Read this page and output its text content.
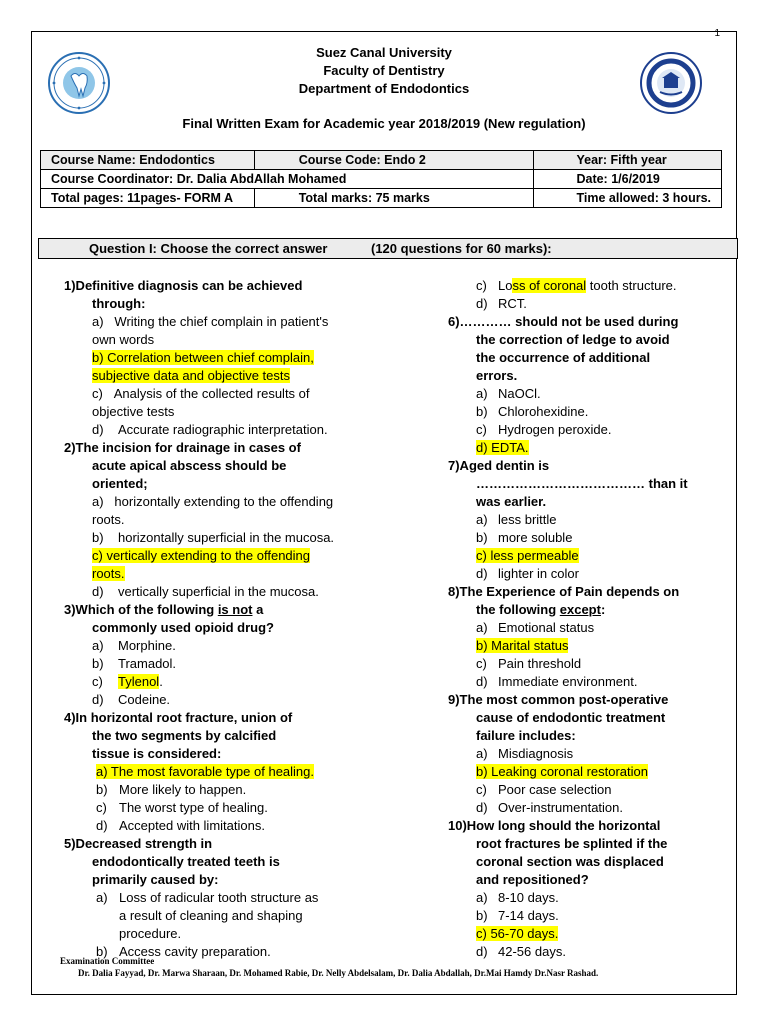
1
Suez Canal University
Faculty of Dentistry
Department of Endodontics
Final Written Exam for Academic year 2018/2019 (New regulation)
Course Name: Endodontics	Course Code: Endo 2	Year: Fifth year
Course Coordinator: Dr. Dalia AbdAllah Mohamed		Date: 1/6/2019
Total pages: 11pages- FORM A	Total marks: 75 marks	Time allowed: 3 hours.
Question I: Choose the correct answer	(120 questions for 60 marks):
1)Definitive diagnosis can be achieved
through:
a) Writing the chief complain in patient's
own words
b) Correlation between chief complain,
subjective data and objective tests
c) Analysis of the collected results of
objective tests
d)	Accurate radiographic interpretation.
2)The incision for drainage in cases of
acute apical abscess should be
oriented;
a) horizontally extending to the offending
roots.
b)	horizontally superficial in the mucosa.
c) vertically extending to the offending
roots.
d)	vertically superficial in the mucosa.
3)Which of the following is not a
commonly used opioid drug?
a)	Morphine.
b)	Tramadol.
c)	Tylenol.
d)	Codeine.
4)In horizontal root fracture, union of
the two segments by calcified
tissue is considered:
a) The most favorable type of healing.
b) More likely to happen.
c) The worst type of healing.
d) Accepted with limitations.
5)Decreased strength in
endodontically treated teeth is
primarily caused by:
a) Loss of radicular tooth structure as
a result of cleaning and shaping
procedure.
b) Access cavity preparation.
c) Loss of coronal tooth structure.
d) RCT.
6)………… should not be used during
the correction of ledge to avoid
the occurrence of additional
errors.
a) NaOCl.
b) Chlorohexidine.
c) Hydrogen peroxide.
d) EDTA.
7)Aged dentin is
………………………………… than it
was earlier.
a) less brittle
b) more soluble
c) less permeable
d) lighter in color
8)The Experience of Pain depends on
the following except:
a) Emotional status
b) Marital status
c) Pain threshold
d) Immediate environment.
9)The most common post-operative
cause of endodontic treatment
failure includes:
a) Misdiagnosis
b) Leaking coronal restoration
c) Poor case selection
d) Over-instrumentation.
10)How long should the horizontal
root fractures be splinted if the
coronal section was displaced
and repositioned?
a) 8-10 days.
b) 7-14 days.
c) 56-70 days.
d) 42-56 days.
Examination Committee
Dr. Dalia Fayyad, Dr. Marwa Sharaan, Dr. Mohamed Rabie, Dr. Nelly Abdelsalam, Dr. Dalia Abdallah, Dr.Mai Hamdy Dr.Nasr Rashad.
